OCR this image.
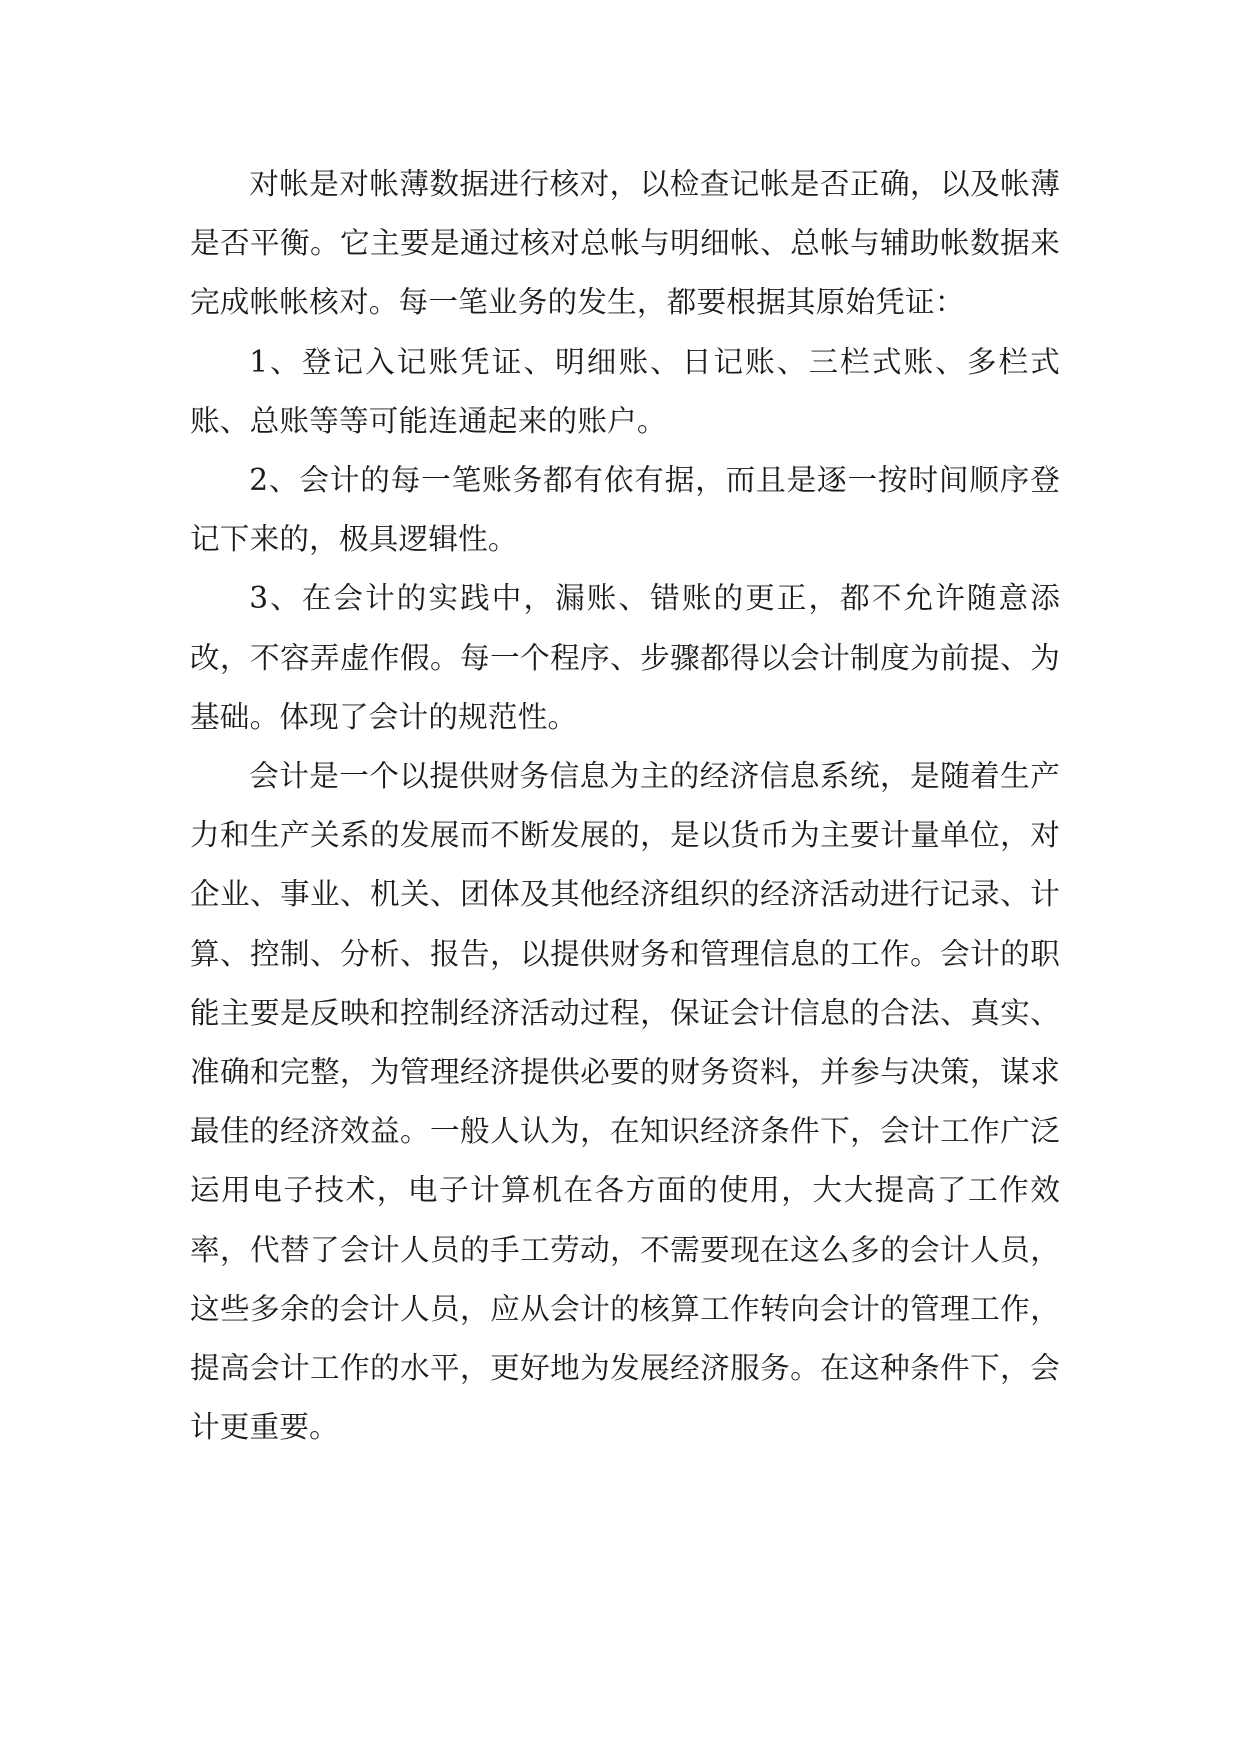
对帐是对帐薄数据进行核对，以检查记帐是否正确，以及帐薄是否平衡。它主要是通过核对总帐与明细帐、总帐与辅助帐数据来完成帐帐核对。每一笔业务的发生，都要根据其原始凭证：

1、登记入记账凭证、明细账、日记账、三栏式账、多栏式账、总账等等可能连通起来的账户。

2、会计的每一笔账务都有依有据，而且是逐一按时间顺序登记下来的，极具逻辑性。

3、在会计的实践中，漏账、错账的更正，都不允许随意添改，不容弄虚作假。每一个程序、步骤都得以会计制度为前提、为基础。体现了会计的规范性。

会计是一个以提供财务信息为主的经济信息系统，是随着生产力和生产关系的发展而不断发展的，是以货币为主要计量单位，对企业、事业、机关、团体及其他经济组织的经济活动进行记录、计算、控制、分析、报告，以提供财务和管理信息的工作。会计的职能主要是反映和控制经济活动过程，保证会计信息的合法、真实、准确和完整，为管理经济提供必要的财务资料，并参与决策，谋求最佳的经济效益。一般人认为，在知识经济条件下，会计工作广泛运用电子技术，电子计算机在各方面的使用，大大提高了工作效率，代替了会计人员的手工劳动，不需要现在这么多的会计人员，这些多余的会计人员，应从会计的核算工作转向会计的管理工作，提高会计工作的水平，更好地为发展经济服务。在这种条件下，会计更重要。
